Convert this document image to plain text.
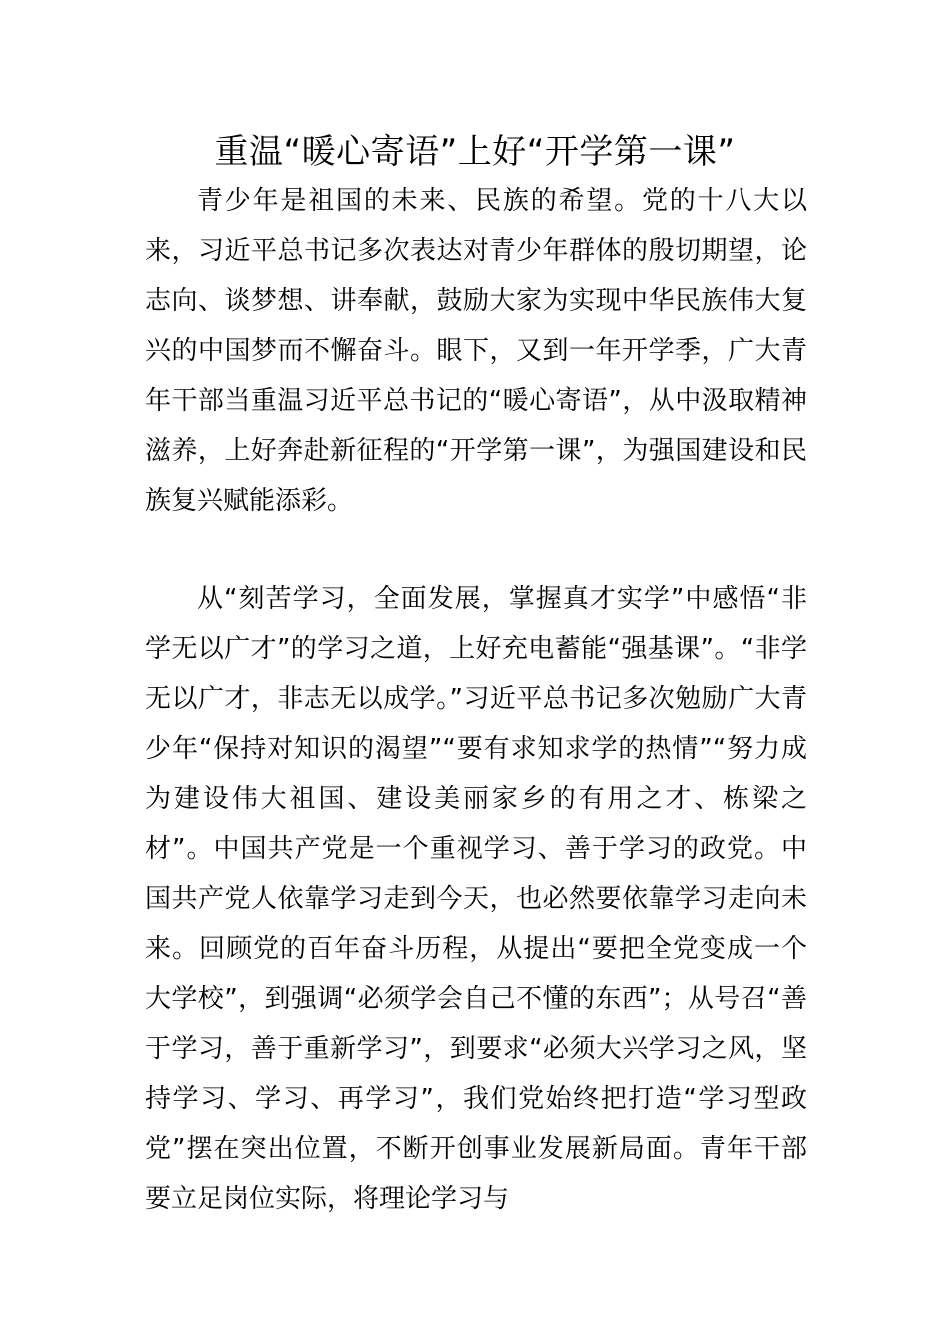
重温“暖心寄语”上好“开学第一课”

青少年是祖国的未来、民族的希望。党的十八大以来，习近平总书记多次表达对青少年群体的殷切期望，论志向、谈梦想、讲奉献，鼓励大家为实现中华民族伟大复兴的中国梦而不懈奋斗。眼下，又到一年开学季，广大青年干部当重温习近平总书记的“暖心寄语”，从中汲取精神滋养，上好奔赴新征程的“开学第一课”，为强国建设和民族复兴赋能添彩。

从“刻苦学习，全面发展，掌握真才实学”中感悟“非学无以广才”的学习之道，上好充电蓄能“强基课”。“非学无以广才，非志无以成学。”习近平总书记多次勉励广大青少年“保持对知识的渴望”“要有求知求学的热情”“努力成为建设伟大祖国、建设美丽家乡的有用之才、栋梁之材”。中国共产党是一个重视学习、善于学习的政党。中国共产党人依靠学习走到今天，也必然要依靠学习走向未来。回顾党的百年奋斗历程，从提出“要把全党变成一个大学校”，到强调“必须学会自己不懂的东西”；从号召“善于学习，善于重新学习”，到要求“必须大兴学习之风，坚持学习、学习、再学习”，我们党始终把打造“学习型政党”摆在突出位置，不断开创事业发展新局面。青年干部要立足岗位实际，将理论学习与
